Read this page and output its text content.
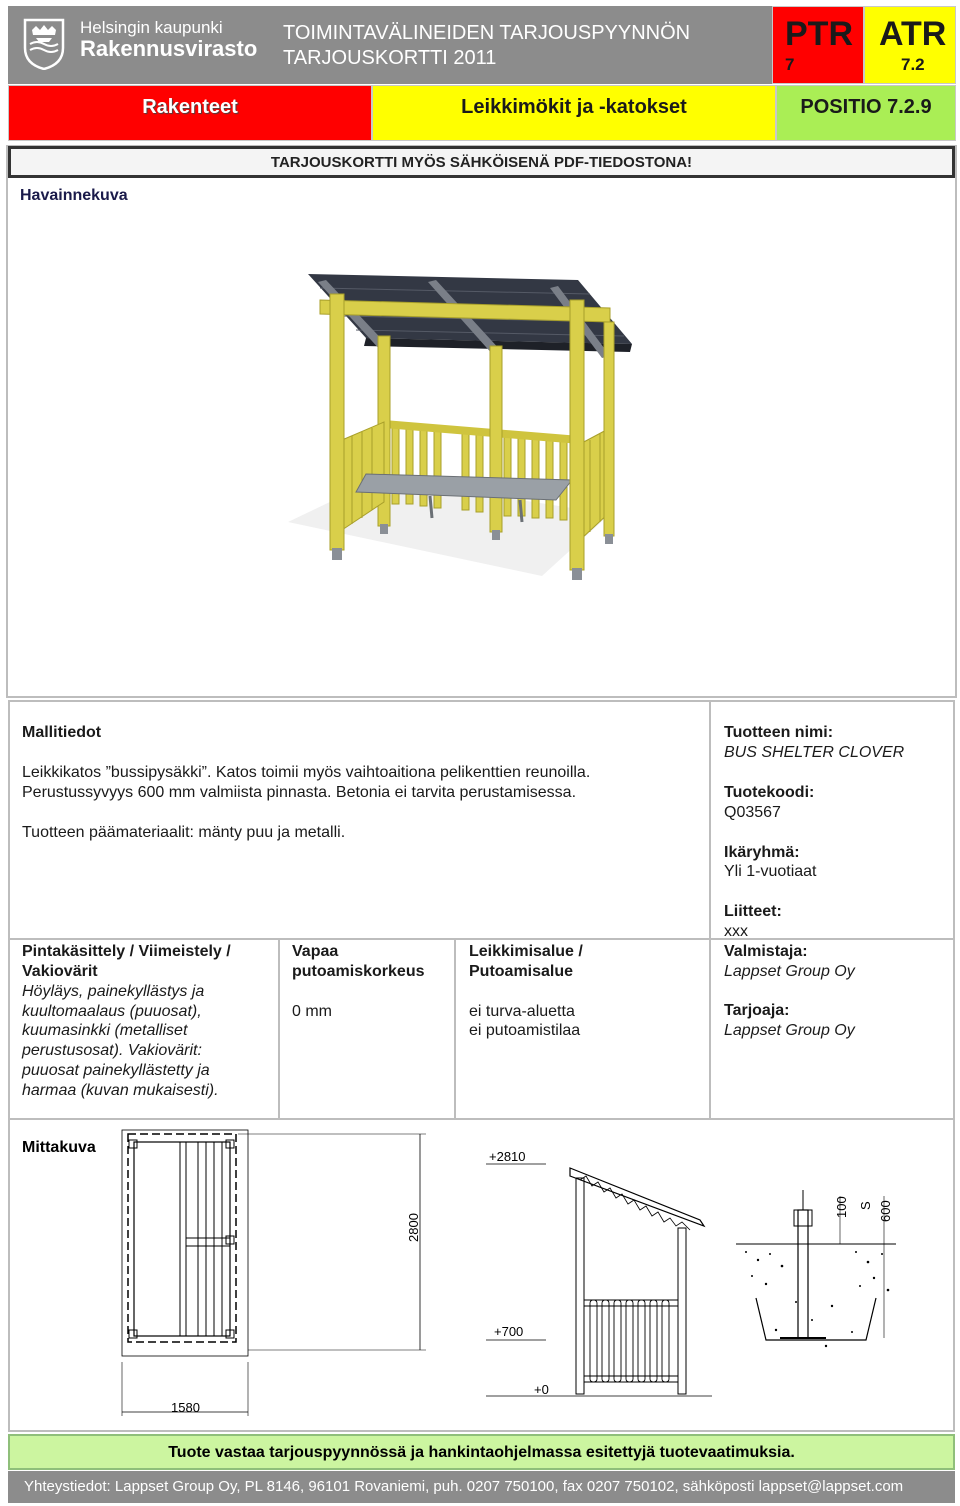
Helsingin kaupunki
Rakennusvirasto
TOIMINTAVÄLINEIDEN TARJOUSPYYNNÖN
TARJOUSKORTTI 2011
PTR
7
ATR
7.2
Rakenteet	Leikkimökit ja -katokset	POSITIO 7.2.9
TARJOUSKORTTI MYÖS SÄHKÖISENÄ PDF-TIEDOSTONA!
Havainnekuva
Mallitiedot
Leikkikatos ”bussipysäkki”. Katos toimii myös vaihtoaitiona pelikenttien reunoilla.
Perustussyvyys 600 mm valmiista pinnasta. Betonia ei tarvita perustamisessa.
Tuotteen päämateriaalit: mänty puu ja metalli.
Tuotteen nimi:
BUS SHELTER CLOVER
Tuotekoodi:
Q03567
Ikäryhmä:
Yli 1-vuotiaat
Liitteet:
xxx
Valmistaja:
Lappset Group Oy
Tarjoaja:
Lappset Group Oy
Pintakäsittely / Viimeistely /
Vakiovärit
Höyläys, painekyllästys ja
kuultomaalaus (puuosat),
kuumasinkki (metalliset
perustusosat). Vakiovärit:
puuosat painekyllästetty ja
harmaa (kuvan mukaisesti).
Vapaa
putoamiskorkeus
0 mm
Leikkimisalue /
Putoamisalue
ei turva-aluetta
ei putoamistilaa
Mittakuva
2800
1580
+2810
+700
+0
100 S 600
Tuote vastaa tarjouspyynnössä ja hankintaohjelmassa esitettyjä tuotevaatimuksia.
Yhteystiedot: Lappset Group Oy, PL 8146, 96101 Rovaniemi, puh. 0207 750100, fax 0207 750102, sähköposti lappset@lappset.com
